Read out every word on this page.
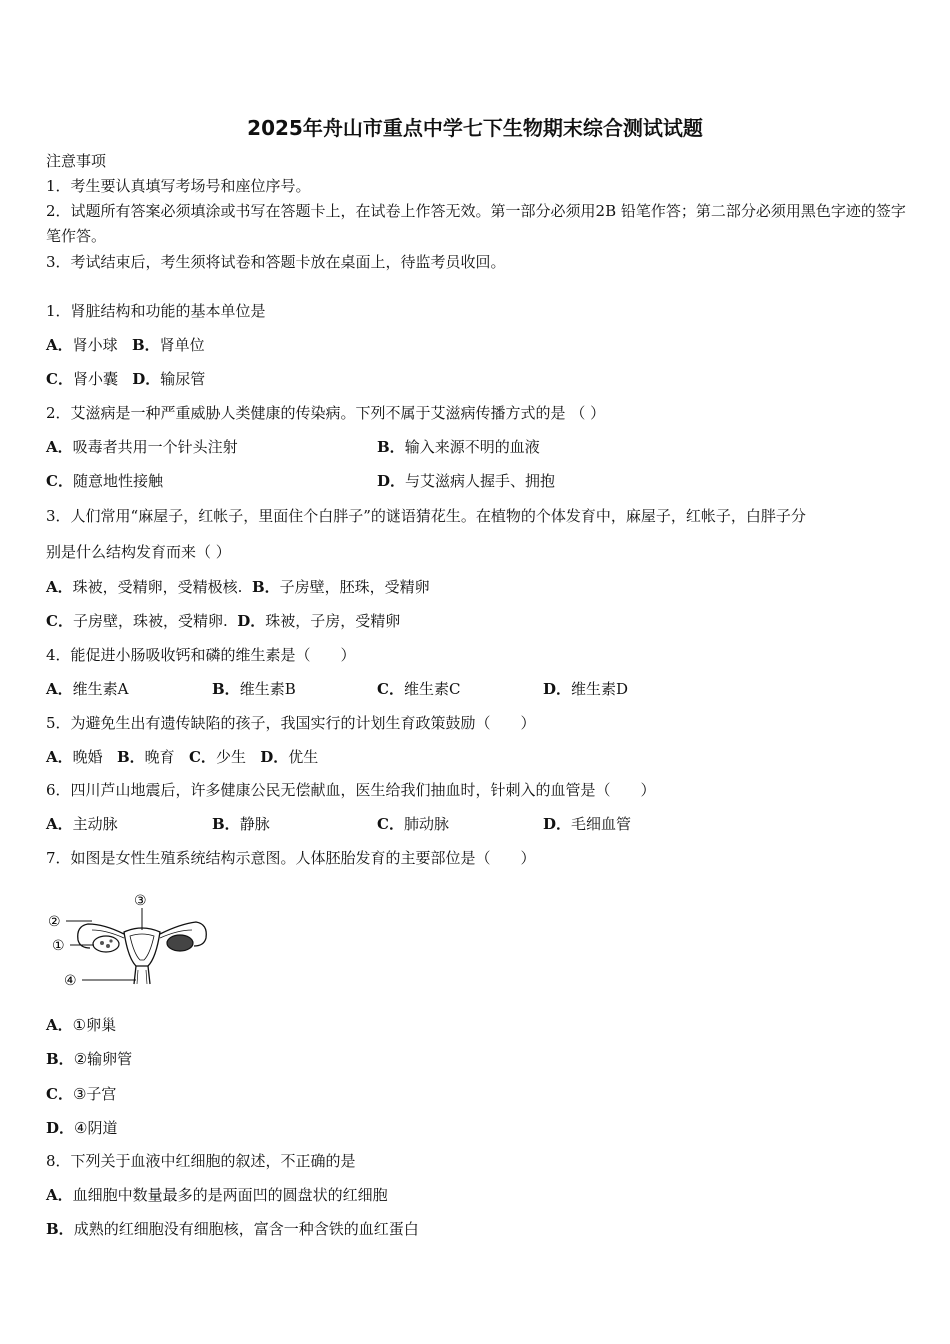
2025年舟山市重点中学七下生物期末综合测试试题
注意事项
1．考生要认真填写考场号和座位序号。
2．试题所有答案必须填涂或书写在答题卡上，在试卷上作答无效。第一部分必须用2B 铅笔作答；第二部分必须用黑色字迹的签字笔作答。
3．考试结束后，考生须将试卷和答题卡放在桌面上，待监考员收回。
1．肾脏结构和功能的基本单位是
A．肾小球 B．肾单位
C．肾小囊 D．输尿管
2．艾滋病是一种严重威胁人类健康的传染病。下列不属于艾滋病传播方式的是 （ ）
A．吸毒者共用一个针头注射	B．输入来源不明的血液
C．随意地性接触	D．与艾滋病人握手、拥抱
3．人们常用“麻屋子，红帐子，里面住个白胖子”的谜语猜花生。在植物的个体发育中，麻屋子，红帐子，白胖子分
别是什么结构发育而来（ ）
A．珠被，受精卵，受精极核. B．子房壁，胚珠，受精卵
C．子房壁，珠被，受精卵. D．珠被，子房，受精卵
4．能促进小肠吸收钙和磷的维生素是（　　）
A．维生素A	B．维生素B	C．维生素C	D．维生素D
5．为避免生出有遗传缺陷的孩子，我国实行的计划生育政策鼓励（　　）
A．晚婚 B．晚育 C．少生 D．优生
6．四川芦山地震后，许多健康公民无偿献血，医生给我们抽血时，针刺入的血管是（　　）
A．主动脉	B．静脉	C．肺动脉	D．毛细血管
7．如图是女性生殖系统结构示意图。人体胚胎发育的主要部位是（　　）
②
①
③
④
A．①卵巢
B．②输卵管
C．③子宫
D．④阴道
8．下列关于血液中红细胞的叙述，不正确的是
A．血细胞中数量最多的是两面凹的圆盘状的红细胞
B．成熟的红细胞没有细胞核，富含一种含铁的血红蛋白
